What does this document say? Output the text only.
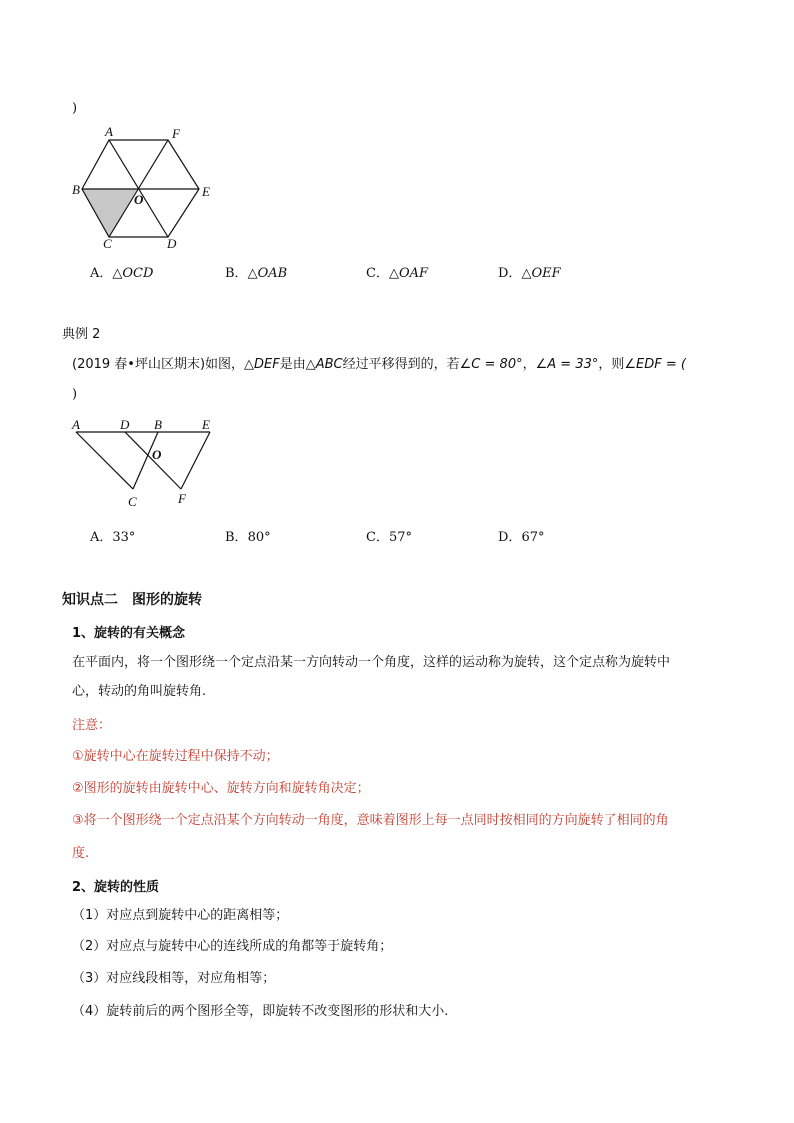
)
A	F
B
O
E
C	D
A．△OCD	B．△OAB	C．△OAF	D．△OEF
典例 2
(2019 春•坪山区期末)如图，△DEF是由△ABC经过平移得到的，若∠C = 80°，∠A = 33°，则∠EDF = (
)
A	D B	E
O
C	F
A．33°	B．80°	C．57°	D．67°
知识点二　图形的旋转
1、旋转的有关概念
在平面内，将一个图形绕一个定点沿某一方向转动一个角度，这样的运动称为旋转，这个定点称为旋转中
心，转动的角叫旋转角.
注意：
①旋转中心在旋转过程中保持不动；
②图形的旋转由旋转中心、旋转方向和旋转角决定；
③将一个图形绕一个定点沿某个方向转动一角度，意味着图形上每一点同时按相同的方向旋转了相同的角
度.
2、旋转的性质
（1）对应点到旋转中心的距离相等；
（2）对应点与旋转中心的连线所成的角都等于旋转角；
（3）对应线段相等，对应角相等；
（4）旋转前后的两个图形全等，即旋转不改变图形的形状和大小.
